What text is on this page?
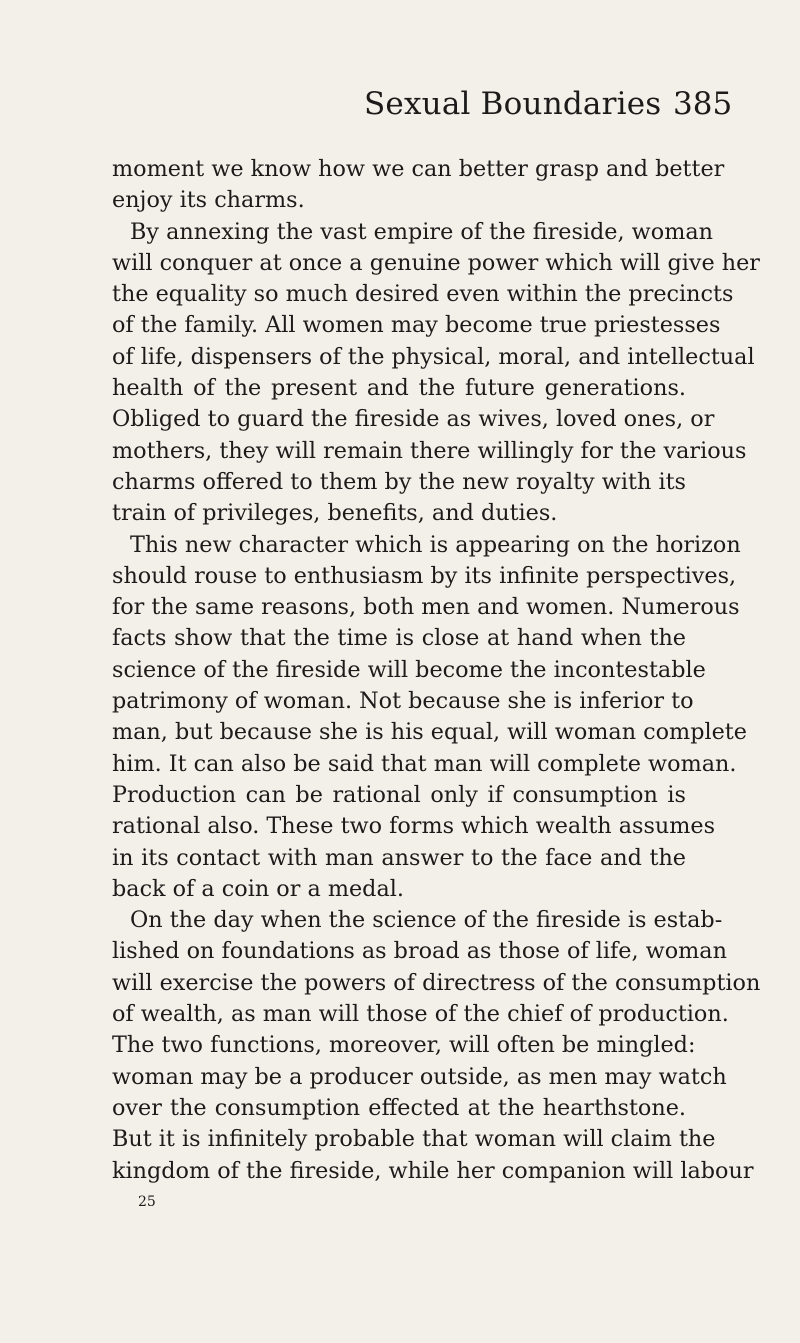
Sexual Boundaries 385
moment we know how we can better grasp and better
enjoy its charms.
By annexing the vast empire of the fireside, woman
will conquer at once a genuine power which will give her
the equality so much desired even within the precincts
of the family. All women may become true priestesses
of life, dispensers of the physical, moral, and intellectual
health of the present and the future generations.
Obliged to guard the fireside as wives, loved ones, or
mothers, they will remain there willingly for the various
charms offered to them by the new royalty with its
train of privileges, benefits, and duties.
This new character which is appearing on the horizon
should rouse to enthusiasm by its infinite perspectives,
for the same reasons, both men and women. Numerous
facts show that the time is close at hand when the
science of the fireside will become the incontestable
patrimony of woman. Not because she is inferior to
man, but because she is his equal, will woman complete
him. It can also be said that man will complete woman.
Production can be rational only if consumption is
rational also. These two forms which wealth assumes
in its contact with man answer to the face and the
back of a coin or a medal.
On the day when the science of the fireside is estab-
lished on foundations as broad as those of life, woman
will exercise the powers of directress of the consumption
of wealth, as man will those of the chief of production.
The two functions, moreover, will often be mingled:
woman may be a producer outside, as men may watch
over the consumption effected at the hearthstone.
But it is infinitely probable that woman will claim the
kingdom of the fireside, while her companion will labour
25
